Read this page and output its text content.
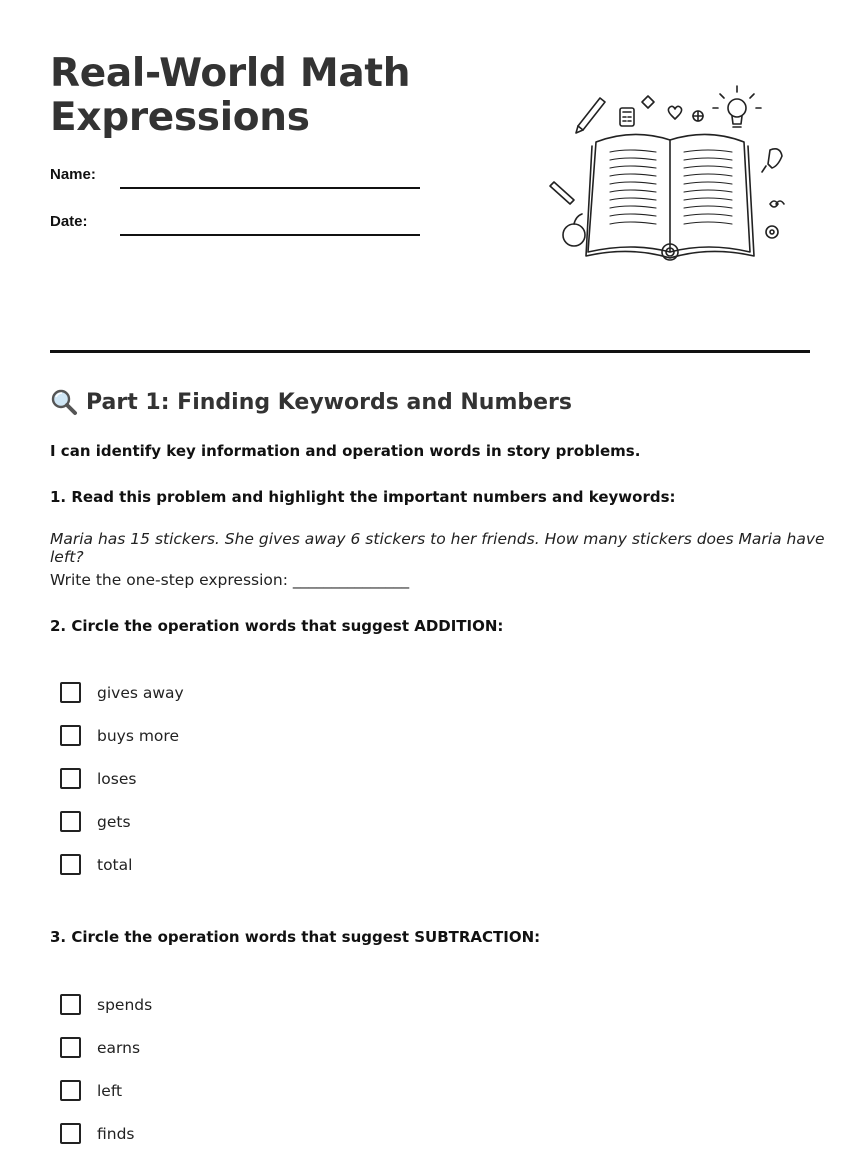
Real-World Math
Expressions
Name:
Date:
Part 1: Finding Keywords and Numbers
I can identify key information and operation words in story problems.
1. Read this problem and highlight the important numbers and keywords:
Maria has 15 stickers. She gives away 6 stickers to her friends. How many stickers does Maria have left?
Write the one-step expression: _______________
2. Circle the operation words that suggest ADDITION:
gives away
buys more
loses
gets
total
3. Circle the operation words that suggest SUBTRACTION:
spends
earns
left
finds
